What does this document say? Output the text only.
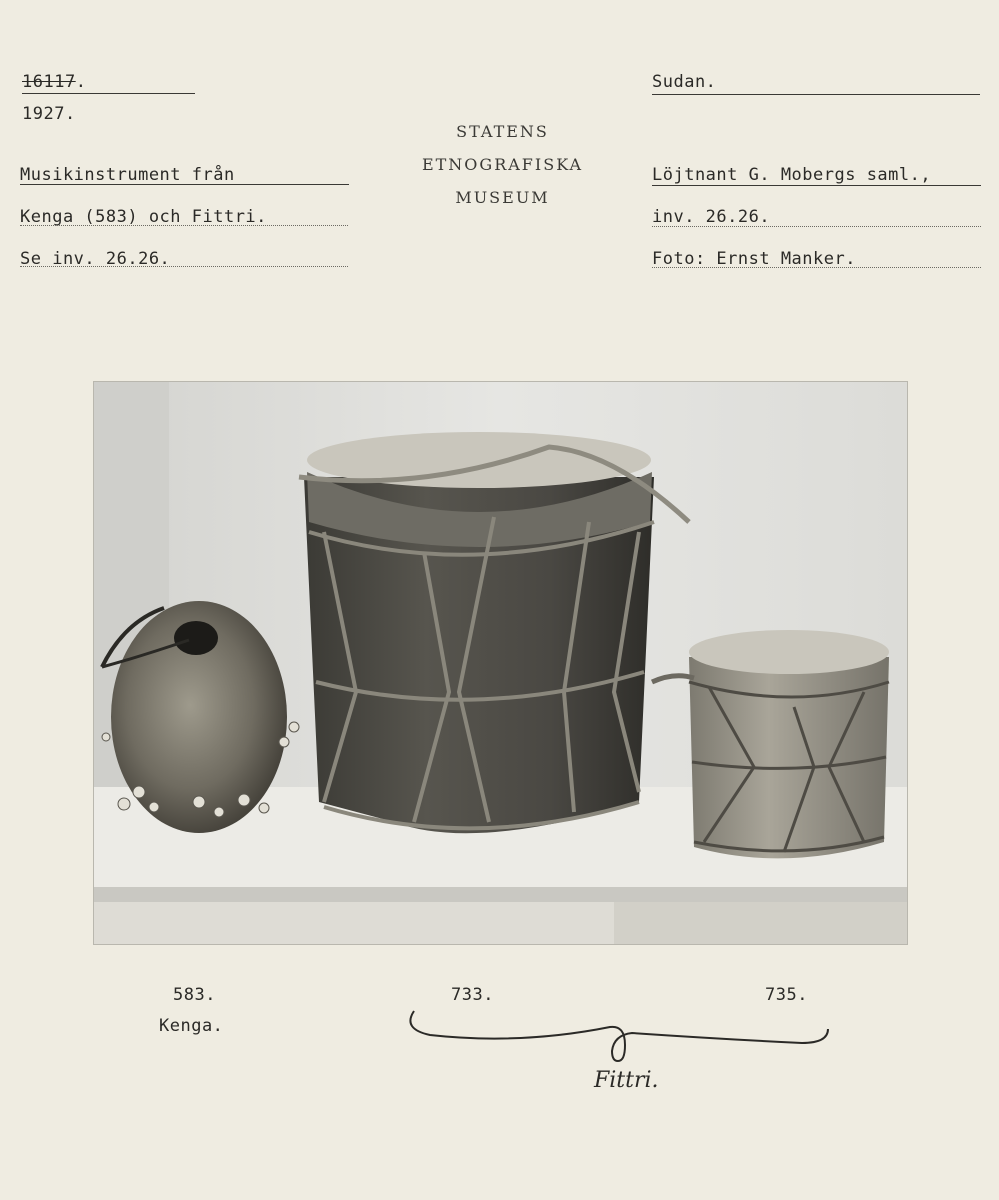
16117.
1927.
Musikinstrument från
Kenga (583) och Fittri.
Se inv. 26.26.
STATENS
ETNOGRAFISKA
MUSEUM
Sudan.
Löjtnant G. Mobergs saml.,
inv. 26.26.
Foto: Ernst Manker.
583.
Kenga.
733.	735.
Fittri.
